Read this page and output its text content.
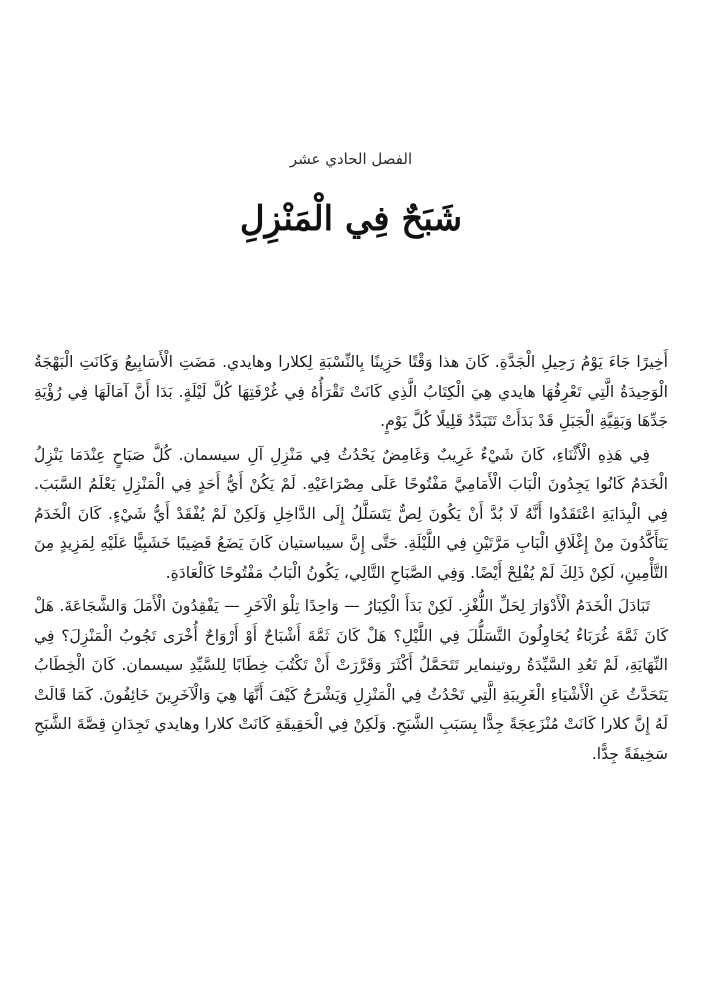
الفصل الحادي عشر
شَبَحٌ فِي الْمَنْزِلِ

أَخِيرًا جَاءَ يَوْمُ رَحِيلِ الْجَدَّةِ. كَانَ هذا وَقْتًا حَزِينًا بِالنِّسْبَةِ لِكلارا وهايدي. مَضَتِ الْأَسَابِيعُ وَكَانَتِ الْبَهْجَةُ الْوَحِيدَةُ الَّتِي تَعْرِفُهَا هايدي هِيَ الْكِتَابُ الَّذِي كَانَتْ تَقْرَأُهُ فِي غُرْفَتِهَا كُلَّ لَيْلَةٍ. بَدَا أَنَّ آمَالَهَا فِي رُؤْيَةِ جَدِّهَا وَبَقِيَّةِ الْجَبَلِ قَدْ بَدَأَتْ تَتَبَدَّدُ قَلِيلًا كُلَّ يَوْمٍ.

فِي هَذِهِ الْأَثْنَاءِ، كَانَ شَيْءٌ غَرِيبٌ وَغَامِضٌ يَحْدُثُ فِي مَنْزِلِ آلِ سيسمان. كُلَّ صَبَاحٍ عِنْدَمَا يَنْزِلُ الْخَدَمُ كَانُوا يَجِدُونَ الْبَابَ الْأَمَامِيَّ مَفْتُوحًا عَلَى مِصْرَاعَيْهِ. لَمْ يَكُنْ أَيُّ أَحَدٍ فِي الْمَنْزِلِ يَعْلَمُ السَّبَبَ. فِي الْبِدَايَةِ اعْتَقَدُوا أَنَّهُ لَا بُدَّ أَنْ يَكُونَ لِصٌّ يَتَسَلَّلُ إِلَى الدَّاخِلِ وَلَكِنْ لَمْ يُفْقَدْ أَيُّ شَيْءٍ. كَانَ الْخَدَمُ يَتَأَكَّدُونَ مِنْ إِغْلَاقِ الْبَابِ مَرَّتَيْنِ فِي اللَّيْلَةِ. حَتَّى إِنَّ سيباستيان كَانَ يَضَعُ قَضِيبًا خَشَبِيًّا عَلَيْهِ لِمَزِيدٍ مِنَ التَّأْمِينِ، لَكِنْ ذَلِكَ لَمْ يُفْلِحْ أَيْضًا. وَفِي الصَّبَاحِ التَّالِي، يَكُونُ الْبَابُ مَفْتُوحًا كَالْعَادَةِ.

تَبَادَلَ الْخَدَمُ الْأَدْوَارَ لِحَلِّ اللُّغْزِ. لَكِنْ بَدَأَ الْكِبَارُ — وَاحِدًا تِلْوَ الْآخَرِ — يَفْقِدُونَ الْأَمَلَ وَالشَّجَاعَةَ. هَلْ كَانَ ثَمَّةَ غُرَبَاءُ يُحَاوِلُونَ التَّسَلُّلَ فِي اللَّيْلِ؟ هَلْ كَانَ ثَمَّةَ أَشْبَاحٌ أَوْ أَرْوَاحٌ أُخْرَى تَجُوبُ الْمَنْزِلَ؟ فِي النِّهَايَةِ، لَمْ تَعُدِ السَّيِّدَةُ روتينماير تَتَحَمَّلُ أَكْثَرَ وَقَرَّرَتْ أَنْ تَكْتُبَ خِطَابًا لِلسَّيِّدِ سيسمان. كَانَ الْخِطَابُ يَتَحَدَّثُ عَنِ الْأَشْيَاءِ الْغَرِيبَةِ الَّتِي تَحْدُثُ فِي الْمَنْزِلِ وَيَشْرَحُ كَيْفَ أَنَّهَا هِيَ وَالْآخَرِينَ خَائِفُونَ. كَمَا قَالَتْ لَهُ إِنَّ كلارا كَانَتْ مُنْزَعِجَةً جِدًّا بِسَبَبِ الشَّبَحِ. وَلَكِنْ فِي الْحَقِيقَةِ كَانَتْ كلارا وهايدي تَجِدَانِ قِصَّةَ الشَّبَحِ سَخِيفَةً جِدًّا.
